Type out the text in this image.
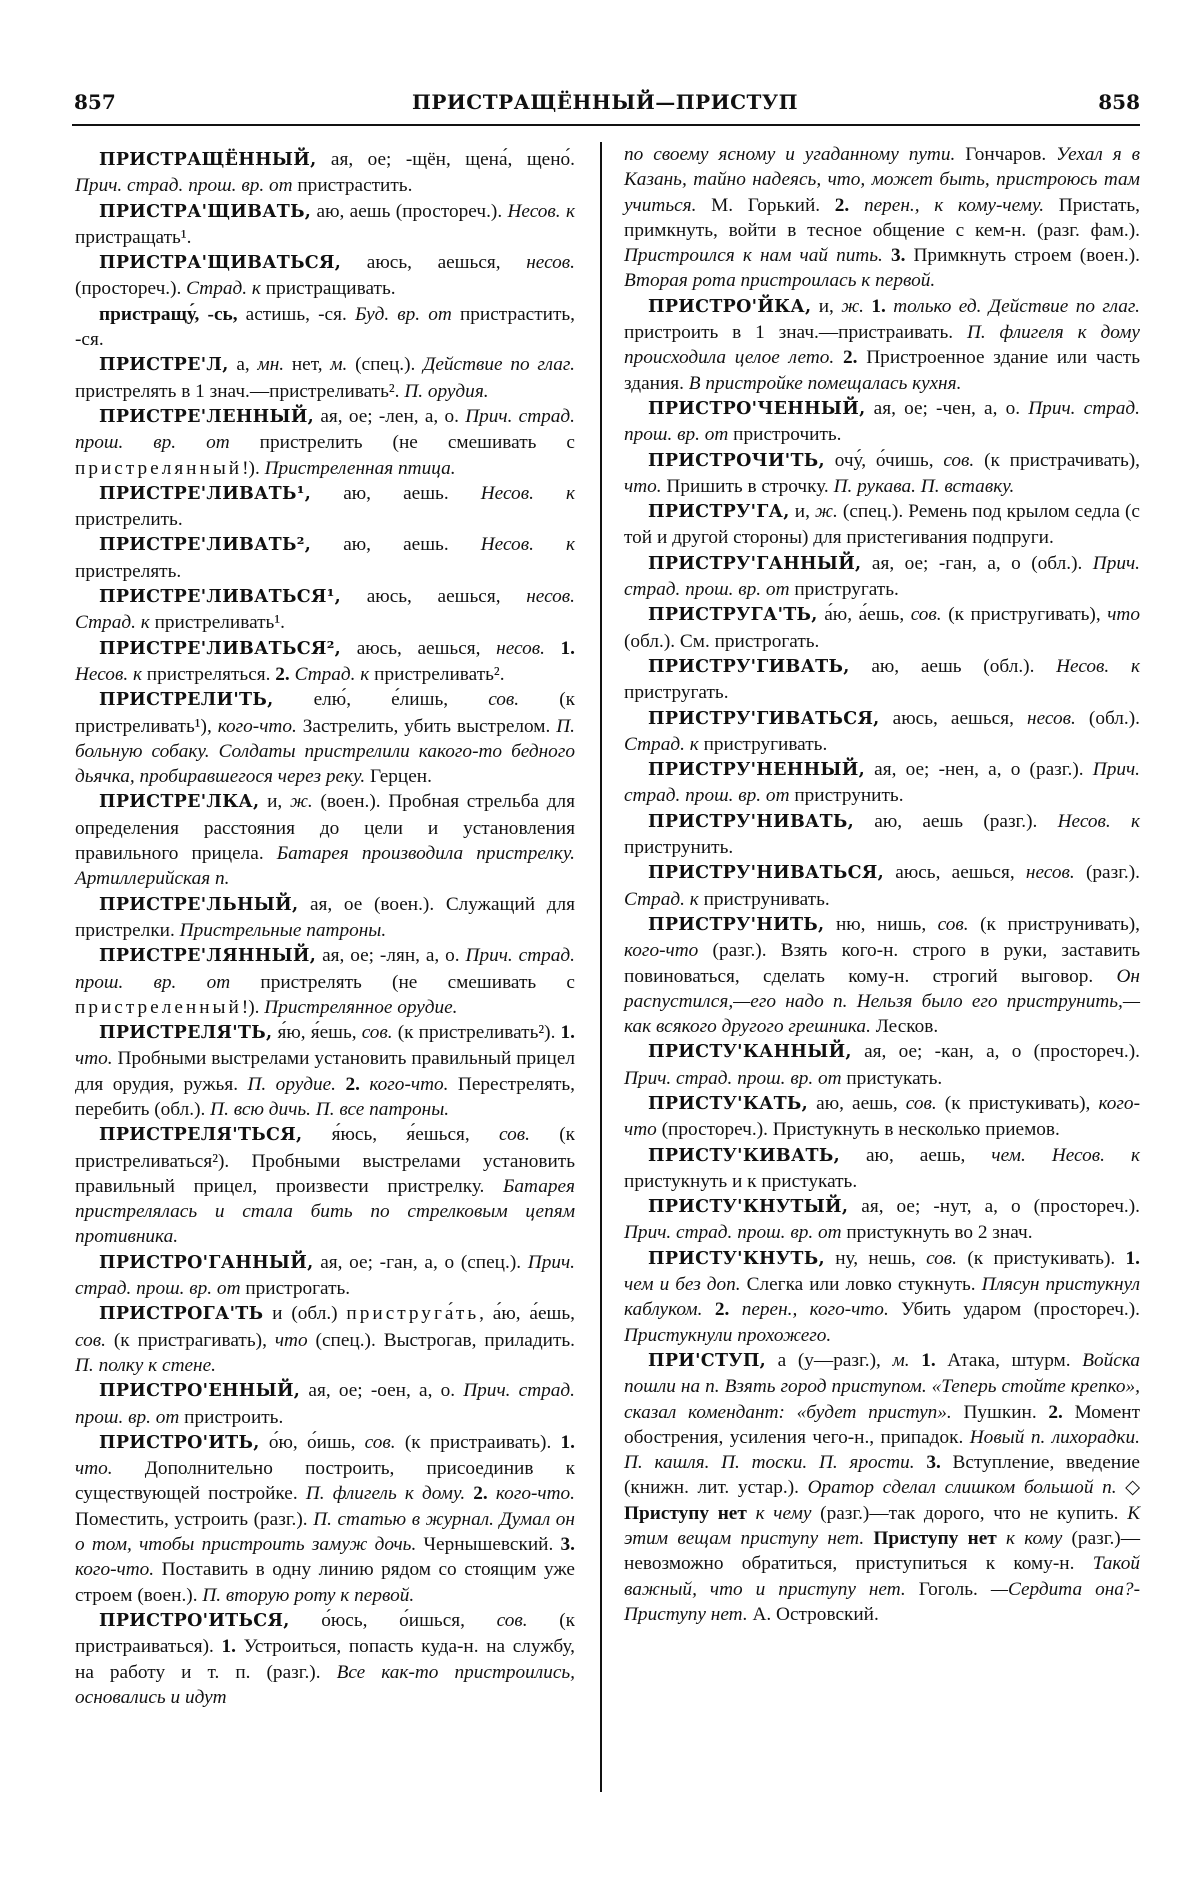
857	ПРИСТРАЩЁННЫЙ—ПРИСТУП	858

ПРИСТРАЩЁННЫЙ, ая, ое; -щён, щена́, щено́. Прич. страд. прош. вр. от пристрастить.

ПРИСТРА'ЩИВАТЬ, аю, аешь (простореч.). Несов. к пристращать¹.

ПРИСТРА'ЩИВАТЬСЯ, аюсь, аешься, несов. (простореч.). Страд. к пристращивать.

пристращу́, -сь, астишь, -ся. Буд. вр. от пристрастить, -ся.

ПРИСТРЕ'Л, а, мн. нет, м. (спец.). Действие по глаг. пристрелять в 1 знач.—пристреливать². П. орудия.

ПРИСТРЕ'ЛЕННЫЙ, ая, ое; -лен, а, о. Прич. страд. прош. вр. от пристрелить (не смешивать с пристрелянный!). Пристреленная птица.

ПРИСТРЕ'ЛИВАТЬ¹, аю, аешь. Несов. к пристрелить.

ПРИСТРЕ'ЛИВАТЬ², аю, аешь. Несов. к пристрелять.

ПРИСТРЕ'ЛИВАТЬСЯ¹, аюсь, аешься, несов. Страд. к пристреливать¹.

ПРИСТРЕ'ЛИВАТЬСЯ², аюсь, аешься, несов. 1. Несов. к пристреляться. 2. Страд. к пристреливать².

ПРИСТРЕЛИ'ТЬ, елю́, е́лишь, сов. (к пристреливать¹), кого-что. Застрелить, убить выстрелом. П. больную собаку. Солдаты пристрелили какого-то бедного дьячка, пробиравшегося через реку. Герцен.

ПРИСТРЕ'ЛКА, и, ж. (воен.). Пробная стрельба для определения расстояния до цели и установления правильного прицела. Батарея производила пристрелку. Артиллерийская п.

ПРИСТРЕ'ЛЬНЫЙ, ая, ое (воен.). Служащий для пристрелки. Пристрельные патроны.

ПРИСТРЕ'ЛЯННЫЙ, ая, ое; -лян, а, о. Прич. страд. прош. вр. от пристрелять (не смешивать с пристреленный!). Пристрелянное орудие.

ПРИСТРЕЛЯ'ТЬ, я́ю, я́ешь, сов. (к пристреливать²). 1. что. Пробными выстрелами установить правильный прицел для орудия, ружья. П. орудие. 2. кого-что. Перестрелять, перебить (обл.). П. всю дичь. П. все патроны.

ПРИСТРЕЛЯ'ТЬСЯ, я́юсь, я́ешься, сов. (к пристреливаться²). Пробными выстрелами установить правильный прицел, произвести пристрелку. Батарея пристрелялась и стала бить по стрелковым цепям противника.

ПРИСТРО'ГАННЫЙ, ая, ое; -ган, а, о (спец.). Прич. страд. прош. вр. от пристрогать.

ПРИСТРОГА'ТЬ и (обл.) приструга́ть, а́ю, а́ешь, сов. (к пристрагивать), что (спец.). Выстрогав, приладить. П. полку к стене.

ПРИСТРО'ЕННЫЙ, ая, ое; -оен, а, о. Прич. страд. прош. вр. от пристроить.

ПРИСТРО'ИТЬ, о́ю, о́ишь, сов. (к пристраивать). 1. что. Дополнительно построить, присоединив к существующей постройке. П. флигель к дому. 2. кого-что. Поместить, устроить (разг.). П. статью в журнал. Думал он о том, чтобы пристроить замуж дочь. Чернышевский. 3. кого-что. Поставить в одну линию рядом со стоящим уже строем (воен.). П. вторую роту к первой.

ПРИСТРО'ИТЬСЯ, о́юсь, о́ишься, сов. (к пристраиваться). 1. Устроиться, попасть куда-н. на службу, на работу и т. п. (разг.). Все как-то пристроились, основались и идут

по своему ясному и угаданному пути. Гончаров. Уехал я в Казань, тайно надеясь, что, может быть, пристроюсь там учиться. М. Горький. 2. перен., к кому-чему. Пристать, примкнуть, войти в тесное общение с кем-н. (разг. фам.). Пристроился к нам чай пить. 3. Примкнуть строем (воен.). Вторая рота пристроилась к первой.

ПРИСТРО'ЙКА, и, ж. 1. только ед. Действие по глаг. пристроить в 1 знач.—пристраивать. П. флигеля к дому происходила целое лето. 2. Пристроенное здание или часть здания. В пристройке помещалась кухня.

ПРИСТРО'ЧЕННЫЙ, ая, ое; -чен, а, о. Прич. страд. прош. вр. от пристрочить.

ПРИСТРОЧИ'ТЬ, очу́, о́чишь, сов. (к пристрачивать), что. Пришить в строчку. П. рукава. П. вставку.

ПРИСТРУ'ГА, и, ж. (спец.). Ремень под крылом седла (с той и другой стороны) для пристегивания подпруги.

ПРИСТРУ'ГАННЫЙ, ая, ое; -ган, а, о (обл.). Прич. страд. прош. вр. от пристругать.

ПРИСТРУГА'ТЬ, а́ю, а́ешь, сов. (к пристругивать), что (обл.). См. пристрогать.

ПРИСТРУ'ГИВАТЬ, аю, аешь (обл.). Несов. к пристругать.

ПРИСТРУ'ГИВАТЬСЯ, аюсь, аешься, несов. (обл.). Страд. к пристругивать.

ПРИСТРУ'НЕННЫЙ, ая, ое; -нен, а, о (разг.). Прич. страд. прош. вр. от приструнить.

ПРИСТРУ'НИВАТЬ, аю, аешь (разг.). Несов. к приструнить.

ПРИСТРУ'НИВАТЬСЯ, аюсь, аешься, несов. (разг.). Страд. к приструнивать.

ПРИСТРУ'НИТЬ, ню, нишь, сов. (к приструнивать), кого-что (разг.). Взять кого-н. строго в руки, заставить повиноваться, сделать кому-н. строгий выговор. Он распустился,—его надо п. Нельзя было его приструнить,—как всякого другого грешника. Лесков.

ПРИСТУ'КАННЫЙ, ая, ое; -кан, а, о (простореч.). Прич. страд. прош. вр. от пристукать.

ПРИСТУ'КАТЬ, аю, аешь, сов. (к пристукивать), кого-что (простореч.). Пристукнуть в несколько приемов.

ПРИСТУ'КИВАТЬ, аю, аешь, чем. Несов. к пристукнуть и к пристукать.

ПРИСТУ'КНУТЫЙ, ая, ое; -нут, а, о (простореч.). Прич. страд. прош. вр. от пристукнуть во 2 знач.

ПРИСТУ'КНУТЬ, ну, нешь, сов. (к пристукивать). 1. чем и без доп. Слегка или ловко стукнуть. Плясун пристукнул каблуком. 2. перен., кого-что. Убить ударом (простореч.). Пристукнули прохожего.

ПРИ'СТУП, а (у—разг.), м. 1. Атака, штурм. Войска пошли на п. Взять город приступом. «Теперь стойте крепко», сказал комендант: «будет приступ». Пушкин. 2. Момент обострения, усиления чего-н., припадок. Новый п. лихорадки. П. кашля. П. тоски. П. ярости. 3. Вступление, введение (книжн. лит. устар.). Оратор сделал слишком большой п. ◇ Приступу нет к чему (разг.)—так дорого, что не купить. К этим вещам приступу нет. Приступу нет к кому (разг.)—невозможно обратиться, приступиться к кому-н. Такой важный, что и приступу нет. Гоголь. —Сердита она?-Приступу нет. А. Островский.
